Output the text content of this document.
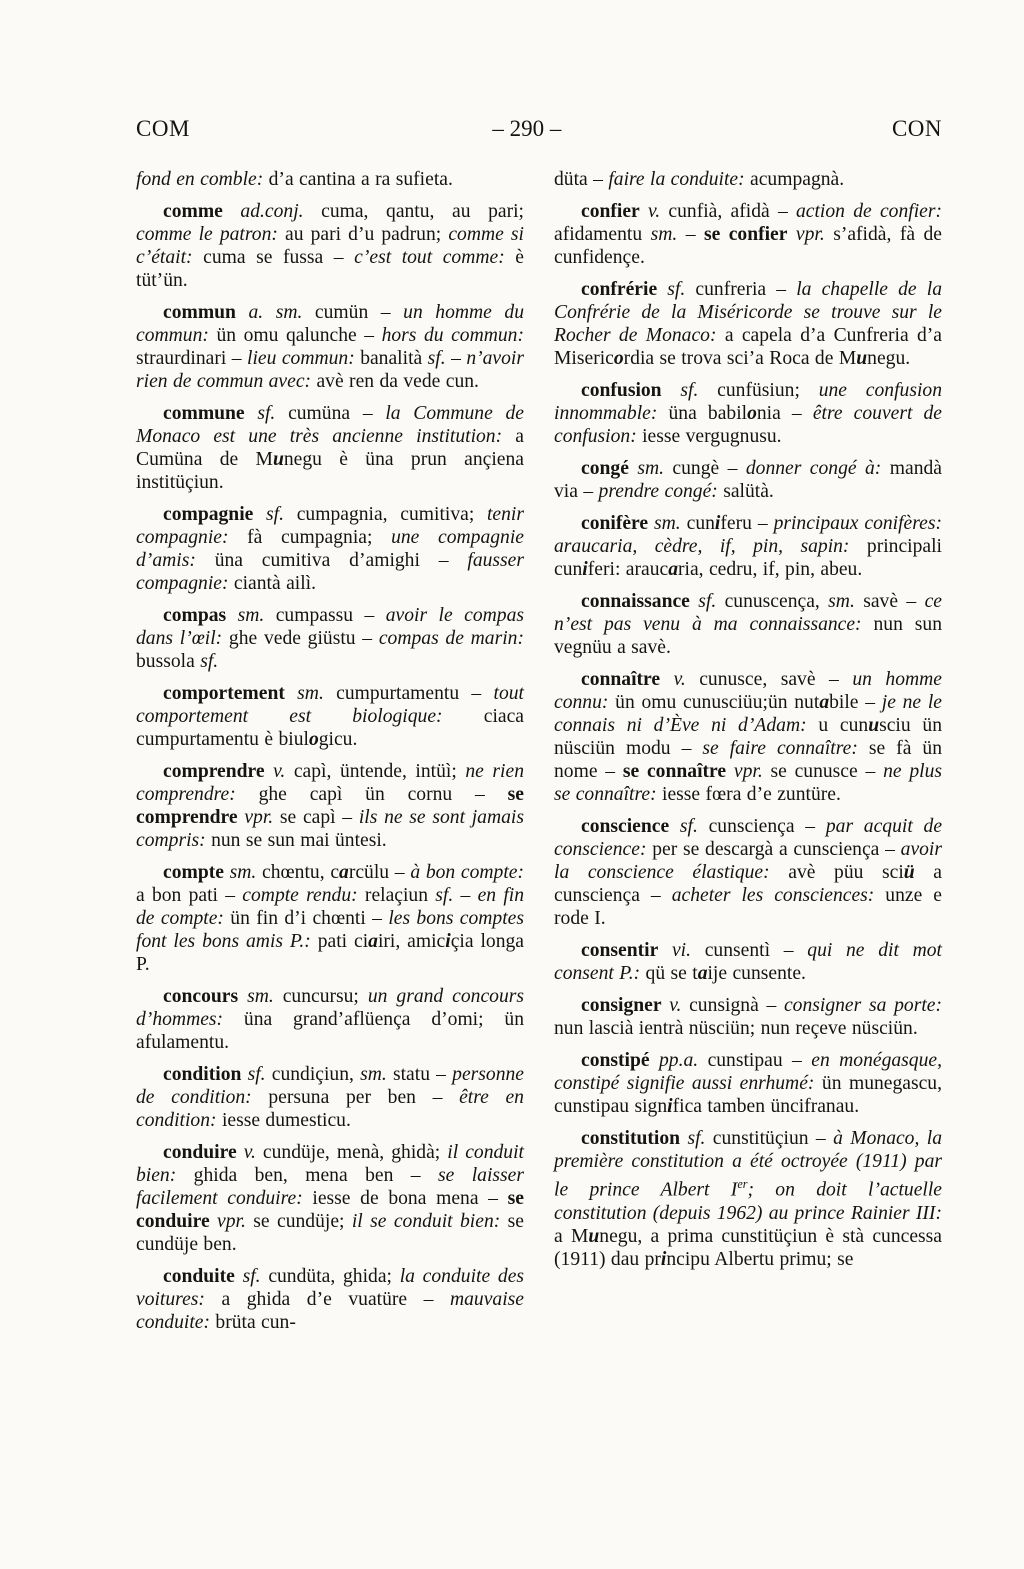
COM	– 290 –	CON

fond en comble: d’a cantina a ra sufieta.

comme ad.conj. cuma, qantu, au pari; comme le patron: au pari d’u padrun; comme si c’était: cuma se fussa – c’est tout comme: è tüt’ün.

commun a. sm. cumün – un homme du commun: ün omu qalunche – hors du commun: straurdinari – lieu commun: banalità sf. – n’avoir rien de commun avec: avè ren da vede cun.

commune sf. cumüna – la Commune de Monaco est une très ancienne institution: a Cumüna de Munegu è üna prun ançiena institüçiun.

compagnie sf. cumpagnia, cumitiva; tenir compagnie: fà cumpagnia; une compagnie d’amis: üna cumitiva d’amighi – fausser compagnie: ciantà ailì.

compas sm. cumpassu – avoir le compas dans l’œil: ghe vede giüstu – compas de marin: bussola sf.

comportement sm. cumpurtamentu – tout comportement est biologique: ciaca cumpurtamentu è biulogicu.

comprendre v. capì, üntende, intüì; ne rien comprendre: ghe capì ün cornu – se comprendre vpr. se capì – ils ne se sont jamais compris: nun se sun mai üntesi.

compte sm. chœntu, carcülu – à bon compte: a bon pati – compte rendu: relaçiun sf. – en fin de compte: ün fin d’i chœnti – les bons comptes font les bons amis P.: pati ciairi, amiciçia longa P.

concours sm. cuncursu; un grand concours d’hommes: üna grand’aflüença d’omi; ün afulamentu.

condition sf. cundiçiun, sm. statu – personne de condition: persuna per ben – être en condition: iesse dumesticu.

conduire v. cundüje, menà, ghidà; il conduit bien: ghida ben, mena ben – se laisser facilement conduire: iesse de bona mena – se conduire vpr. se cundüje; il se conduit bien: se cundüje ben.

conduite sf. cundüta, ghida; la conduite des voitures: a ghida d’e vuatüre – mauvaise conduite: brüta cun-

düta – faire la conduite: acumpagnà.

confier v. cunfià, afidà – action de confier: afidamentu sm. – se confier vpr. s’afidà, fà de cunfidençe.

confrérie sf. cunfreria – la chapelle de la Confrérie de la Miséricorde se trouve sur le Rocher de Monaco: a capela d’a Cunfreria d’a Misericordia se trova sci’a Roca de Munegu.

confusion sf. cunfüsiun; une confusion innommable: üna babilonia – être couvert de confusion: iesse vergugnusu.

congé sm. cungè – donner congé à: mandà via – prendre congé: salütà.

conifère sm. cuniferu – principaux conifères: araucaria, cèdre, if, pin, sapin: principali cuniferi: araucaria, cedru, if, pin, abeu.

connaissance sf. cunuscença, sm. savè – ce n’est pas venu à ma connaissance: nun sun vegnüu a savè.

connaître v. cunusce, savè – un homme connu: ün omu cunusciüu;ün nutabile – je ne le connais ni d’Ève ni d’Adam: u cunusciu ün nüsciün modu – se faire connaître: se fà ün nome – se connaître vpr. se cunusce – ne plus se connaître: iesse fœra d’e zuntüre.

conscience sf. cunsciença – par acquit de conscience: per se descargà a cunsciença – avoir la conscience élastique: avè püu sciü a cunsciença – acheter les consciences: unze e rode I.

consentir vi. cunsentì – qui ne dit mot consent P.: qü se taije cunsente.

consigner v. cunsignà – consigner sa porte: nun lascià ientrà nüsciün; nun reçeve nüsciün.

constipé pp.a. cunstipau – en monégasque, constipé signifie aussi enrhumé: ün munegascu, cunstipau significa tamben üncifranau.

constitution sf. cunstitüçiun – à Monaco, la première constitution a été octroyée (1911) par le prince Albert Ier; on doit l’actuelle constitution (depuis 1962) au prince Rainier III: a Munegu, a prima cunstitüçiun è stà cuncessa (1911) dau principu Albertu primu; se
